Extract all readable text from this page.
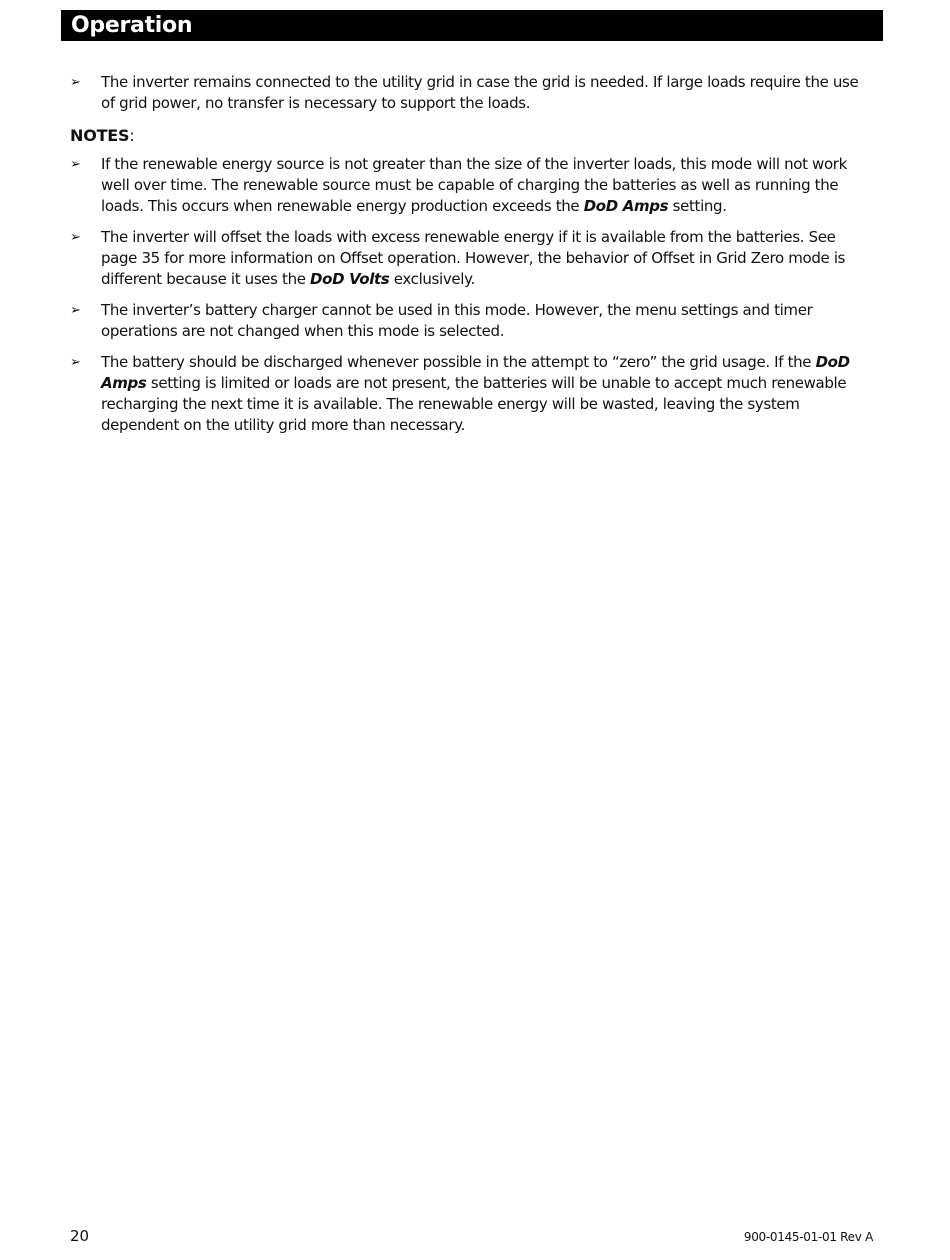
Operation
➢ The inverter remains connected to the utility grid in case the grid is needed. If large loads require the use of grid power, no transfer is necessary to support the loads.
NOTES:
➢ If the renewable energy source is not greater than the size of the inverter loads, this mode will not work well over time. The renewable source must be capable of charging the batteries as well as running the loads. This occurs when renewable energy production exceeds the DoD Amps setting.
➢ The inverter will offset the loads with excess renewable energy if it is available from the batteries. See page 35 for more information on Offset operation. However, the behavior of Offset in Grid Zero mode is different because it uses the DoD Volts exclusively.
➢ The inverter’s battery charger cannot be used in this mode. However, the menu settings and timer operations are not changed when this mode is selected.
➢ The battery should be discharged whenever possible in the attempt to “zero” the grid usage. If the DoD Amps setting is limited or loads are not present, the batteries will be unable to accept much renewable recharging the next time it is available. The renewable energy will be wasted, leaving the system dependent on the utility grid more than necessary.
20	900-0145-01-01 Rev A
